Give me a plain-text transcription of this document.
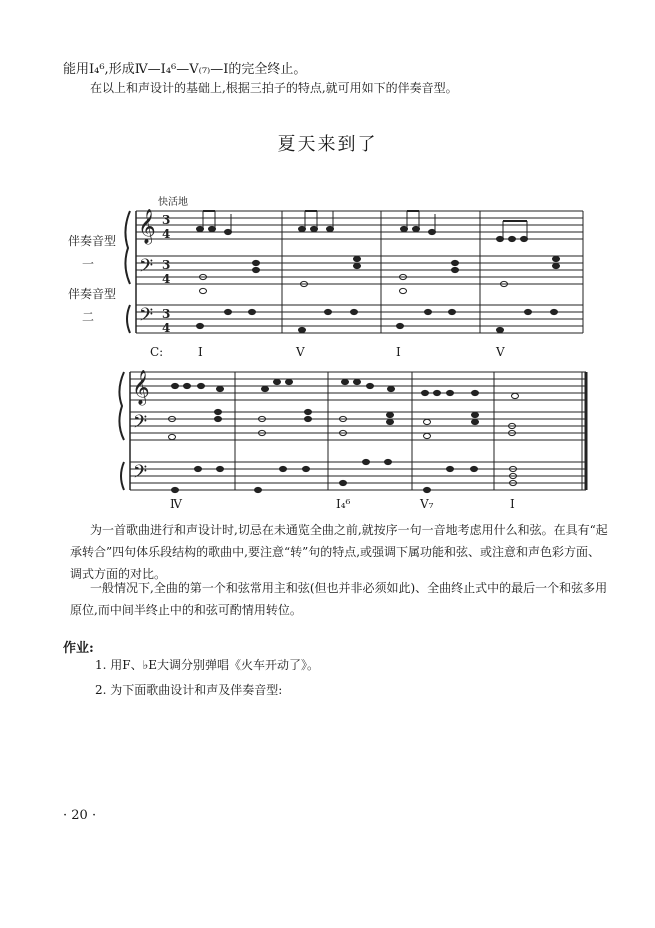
能用Ⅰ₄⁶,形成Ⅳ—Ⅰ₄⁶—Ⅴ₍₇₎—Ⅰ的完全终止。
在以上和声设计的基础上,根据三拍子的特点,就可用如下的伴奏音型。
夏天来到了
𝄞
𝄢
𝄢
𝄞
𝄢
𝄢
3
4
3
4
3
4
快活地
伴奏音型
一
伴奏音型
二
C:	Ⅰ	Ⅴ	Ⅰ	Ⅴ
Ⅳ	Ⅰ₄⁶	Ⅴ₇	Ⅰ
为一首歌曲进行和声设计时,切忌在未通览全曲之前,就按序一句一音地考虑用什么和弦。在具有“起承转合”四句体乐段结构的歌曲中,要注意“转”句的特点,或强调下属功能和弦、或注意和声色彩方面、调式方面的对比。
一般情况下,全曲的第一个和弦常用主和弦(但也并非必须如此)、全曲终止式中的最后一个和弦多用原位,而中间半终止中的和弦可酌情用转位。
作业:
1. 用F、♭E大调分别弹唱《火车开动了》。
2. 为下面歌曲设计和声及伴奏音型:
· 20 ·
